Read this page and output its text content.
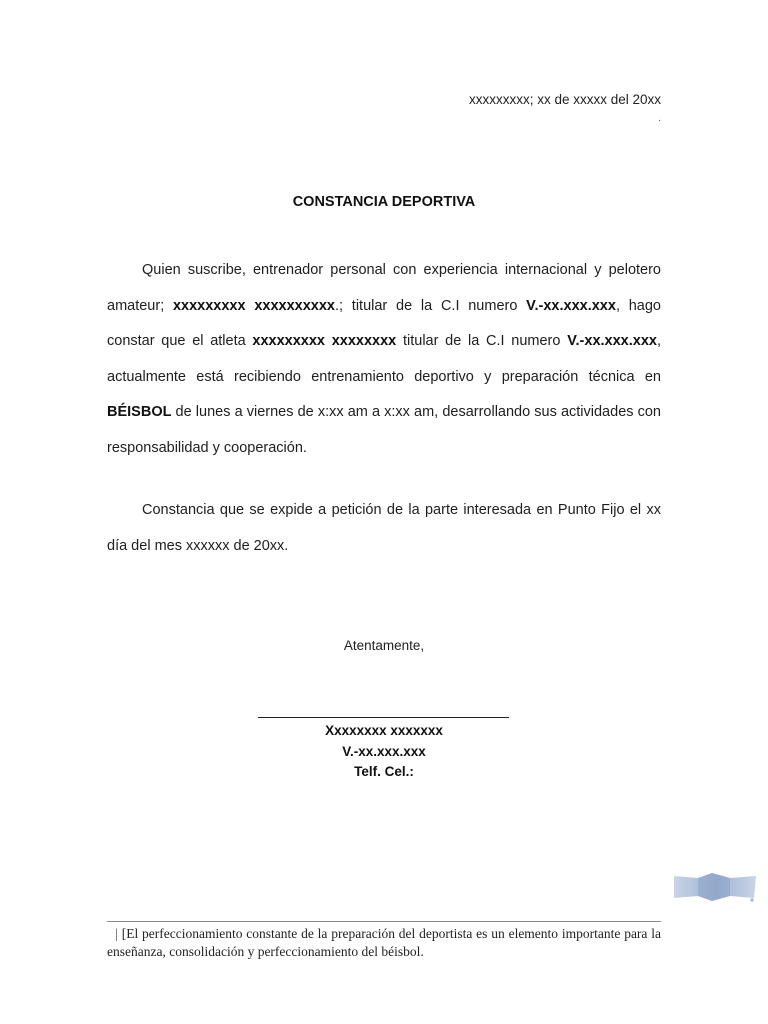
xxxxxxxxx; xx de xxxxx del 20xx
.
CONSTANCIA DEPORTIVA
Quien suscribe, entrenador personal con experiencia internacional y pelotero amateur; xxxxxxxxx xxxxxxxxxx.; titular de la C.I numero V.-xx.xxx.xxx, hago constar que el atleta xxxxxxxxx xxxxxxxx titular de la C.I numero V.-xx.xxx.xxx, actualmente está recibiendo entrenamiento deportivo y preparación técnica en BÉISBOL de lunes a viernes de x:xx am a x:xx am, desarrollando sus actividades con responsabilidad y cooperación.
Constancia que se expide a petición de la parte interesada en Punto Fijo el xx día del mes xxxxxx de 20xx.
Atentamente,
Xxxxxxxx xxxxxxx
V.-xx.xxx.xxx
Telf. Cel.:
| [El perfeccionamiento constante de la preparación del deportista es un elemento importante para la enseñanza, consolidación y perfeccionamiento del béisbol.
